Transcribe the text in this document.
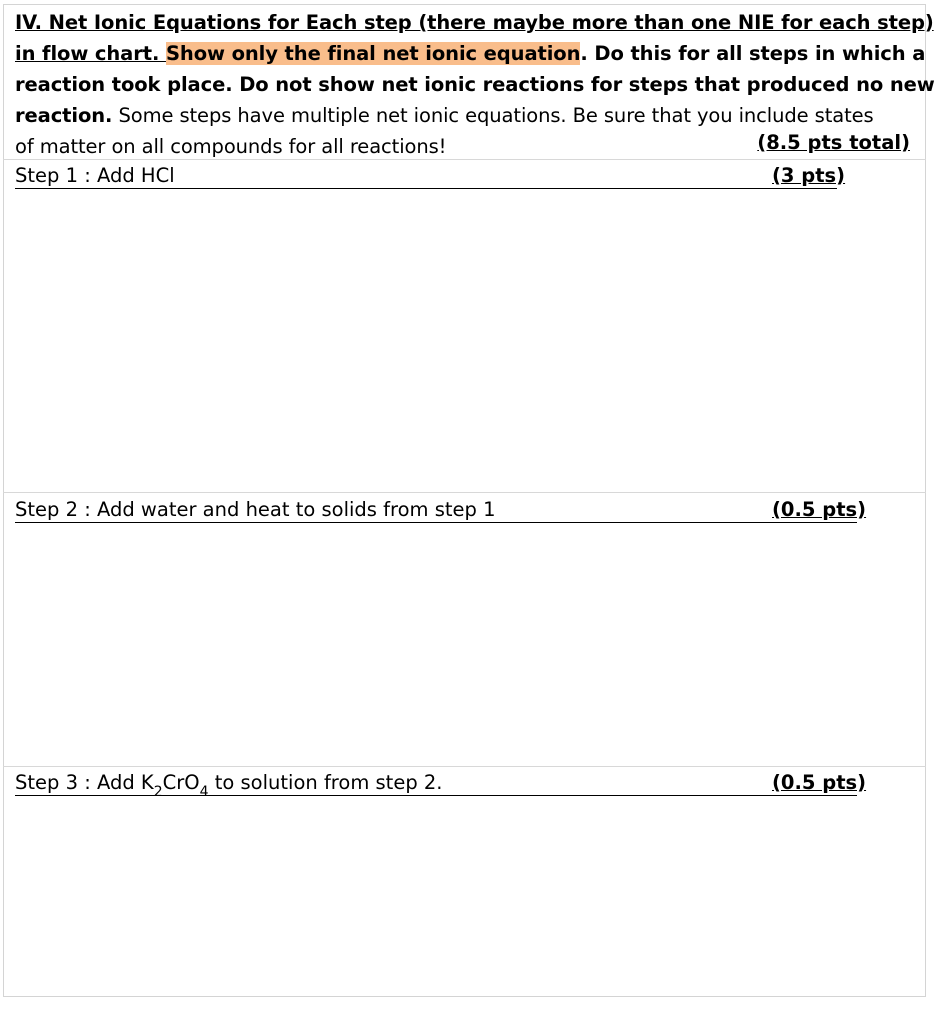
IV. Net Ionic Equations for Each step (there maybe more than one NIE for each step)
in flow chart. Show only the final net ionic equation. Do this for all steps in which a
reaction took place. Do not show net ionic reactions for steps that produced no new
reaction. Some steps have multiple net ionic equations. Be sure that you include states
of matter on all compounds for all reactions!	(8.5 pts total)
Step 1 : Add HCl	(3 pts)
Step 2 : Add water and heat to solids from step 1	(0.5 pts)
Step 3 : Add $K_2CrO_4$ to solution from step 2.	(0.5 pts)
